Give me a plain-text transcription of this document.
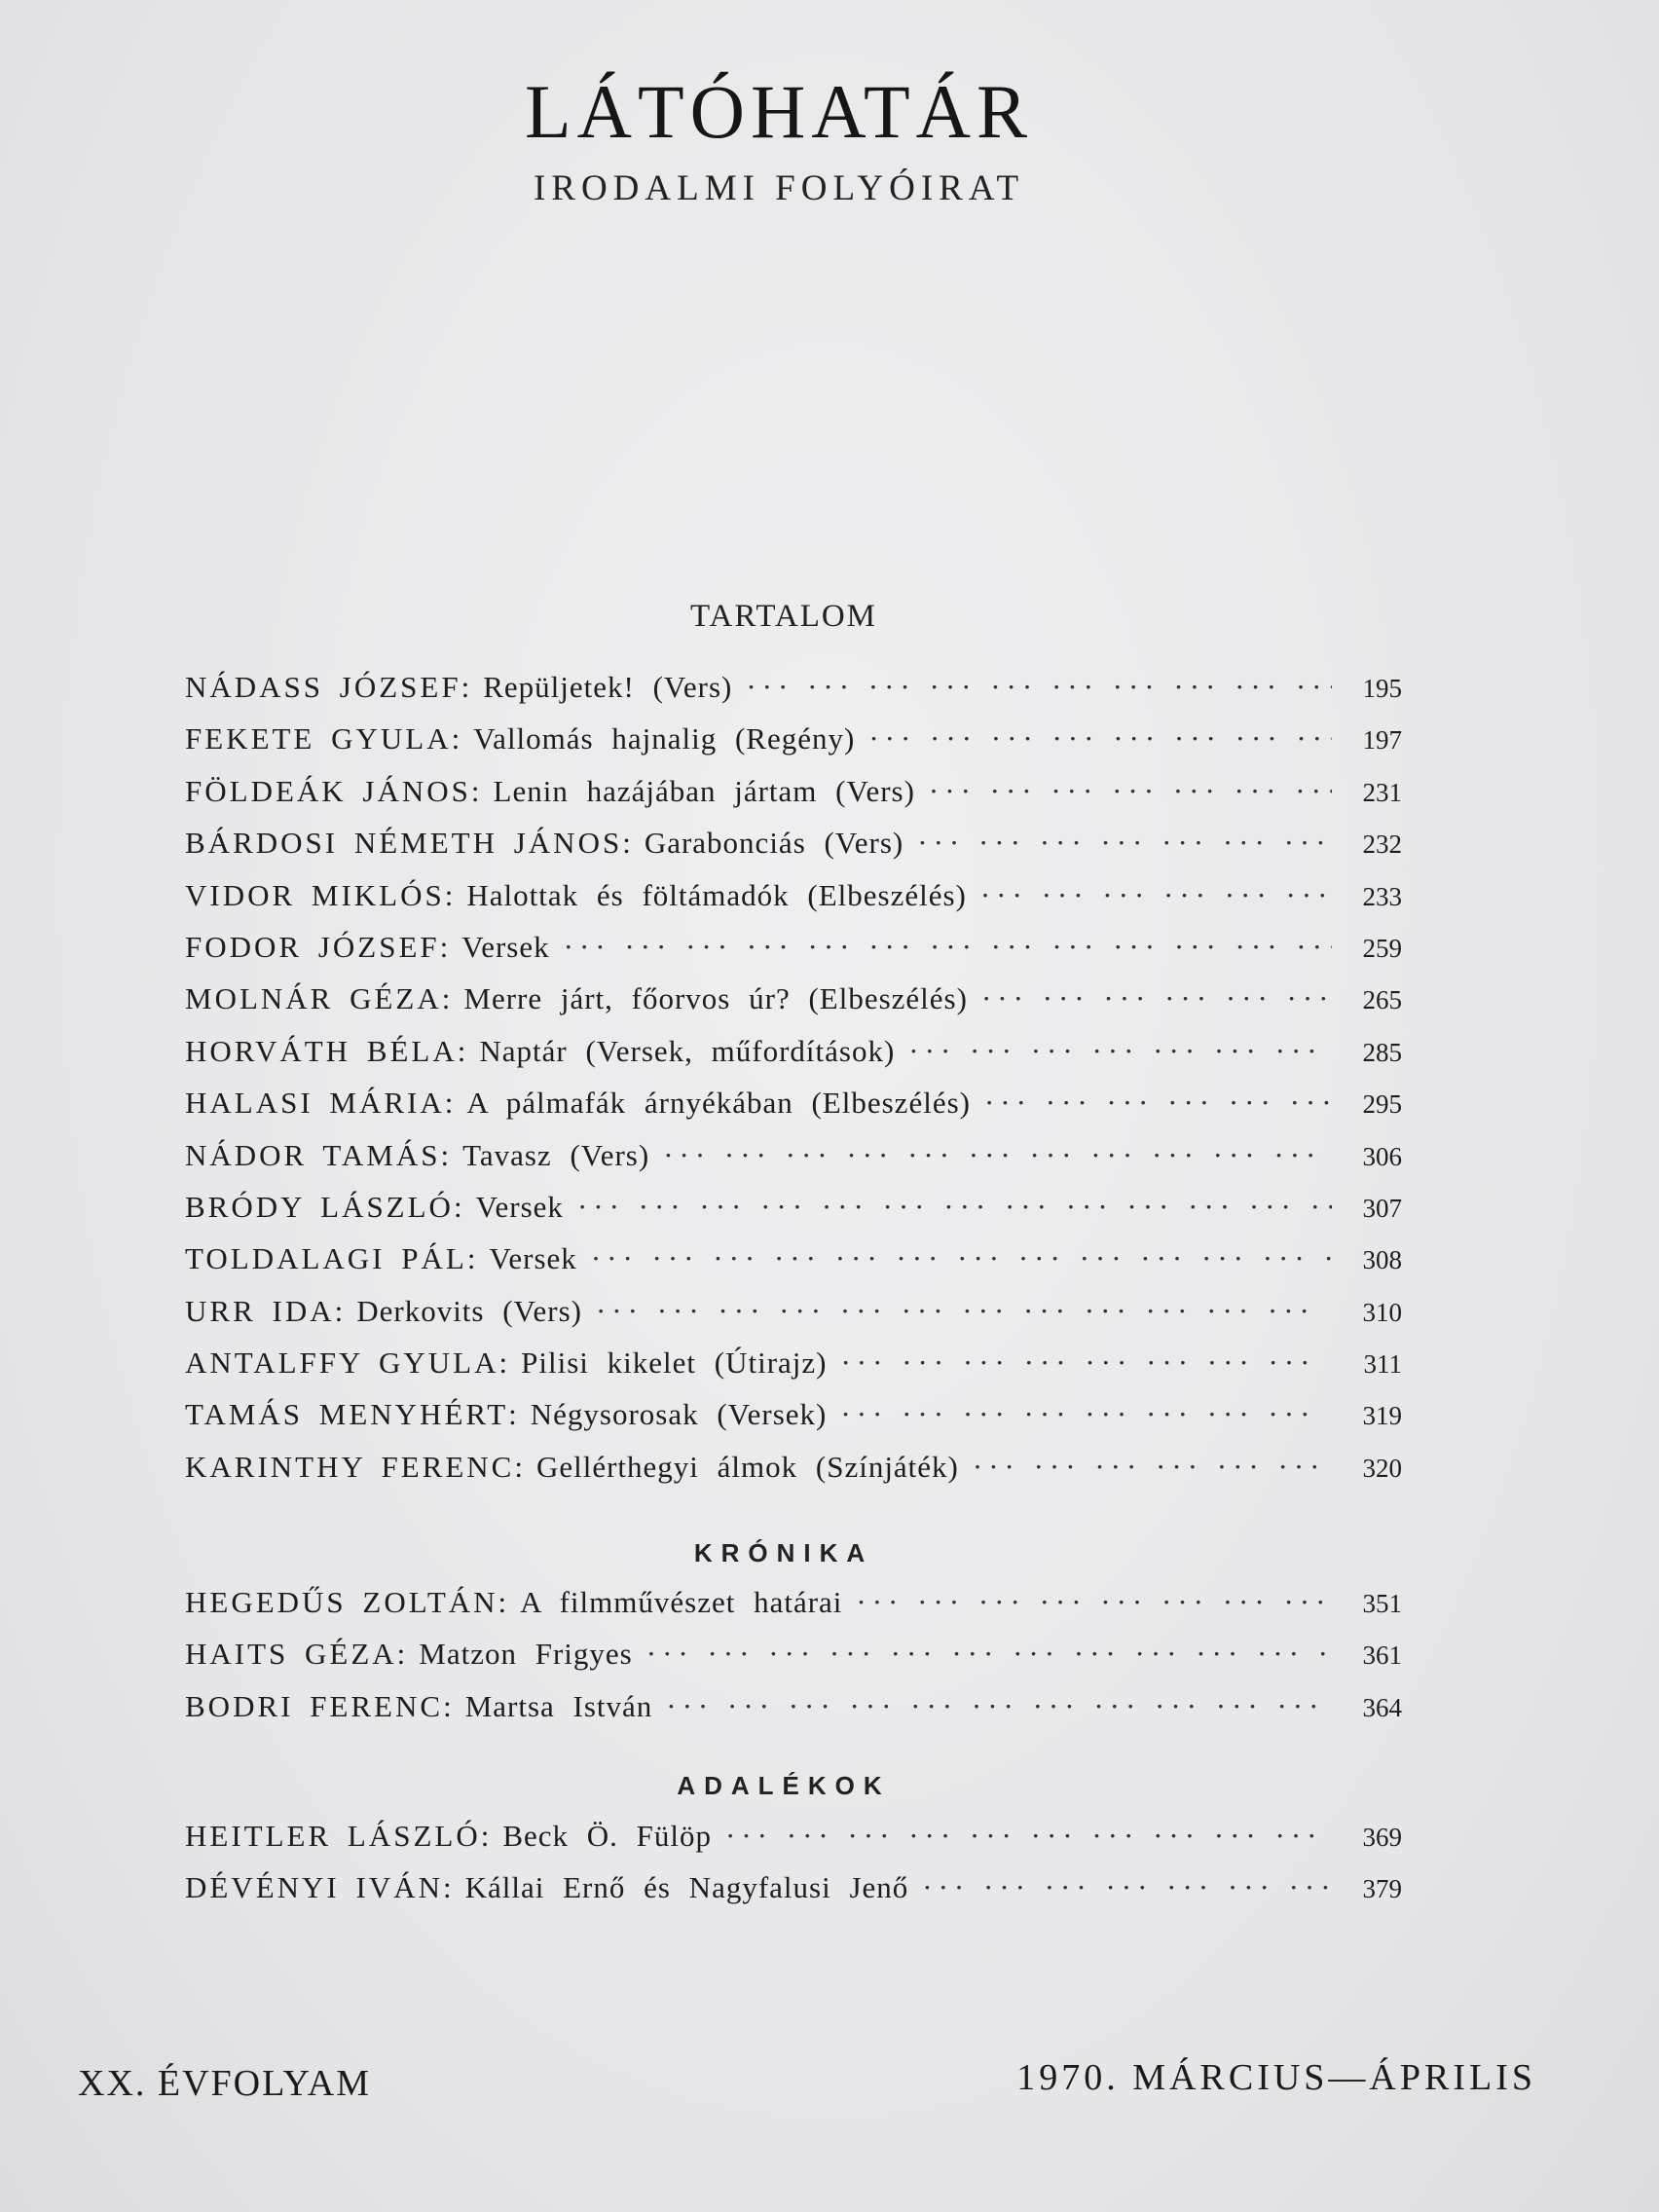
LÁTÓHATÁR
IRODALMI FOLYÓIRAT
TARTALOM
NÁDASS JÓZSEF : Repüljetek! (Vers) ··· ·	195
FEKETE GYULA : Vallomás hajnalig (Regény) ··· ·	197
FÖLDEÁK JÁNOS : Lenin hazájában jártam (Vers) ··· ·	231
BÁRDOSI NÉMETH JÁNOS : Garabonciás (Vers) ··· ·	232
VIDOR MIKLÓS : Halottak és föltámadók (Elbeszélés) ··· ·	233
FODOR JÓZSEF : Versek ··· ·	259
MOLNÁR GÉZA : Merre járt, főorvos úr? (Elbeszélés) ··· ·	265
HORVÁTH BÉLA : Naptár (Versek, műfordítások) ··· ·	285
HALASI MÁRIA : A pálmafák árnyékában (Elbeszélés) ··· ·	295
NÁDOR TAMÁS : Tavasz (Vers) ··· ·	306
BRÓDY LÁSZLÓ : Versek ··· ·	307
TOLDALAGI PÁL : Versek ··· ·	308
URR IDA : Derkovits (Vers) ··· ·	310
ANTALFFY GYULA : Pilisi kikelet (Útirajz) ··· ·	311
TAMÁS MENYHÉRT : Négysorosak (Versek) ··· ·	319
KARINTHY FERENC : Gellérthegyi álmok (Színjáték) ··· ·	320
KRÓNIKA
HEGEDŰS ZOLTÁN : A filmművészet határai ··· ·	351
HAITS GÉZA : Matzon Frigyes ··· ·	361
BODRI FERENC : Martsa István ··· ·	364
ADALÉKOK
HEITLER LÁSZLÓ : Beck Ö. Fülöp ··· ·	369
DÉVÉNYI IVÁN : Kállai Ernő és Nagyfalusi Jenő ··· ·	379
XX. ÉVFOLYAM	1970. MÁRCIUS—ÁPRILIS
